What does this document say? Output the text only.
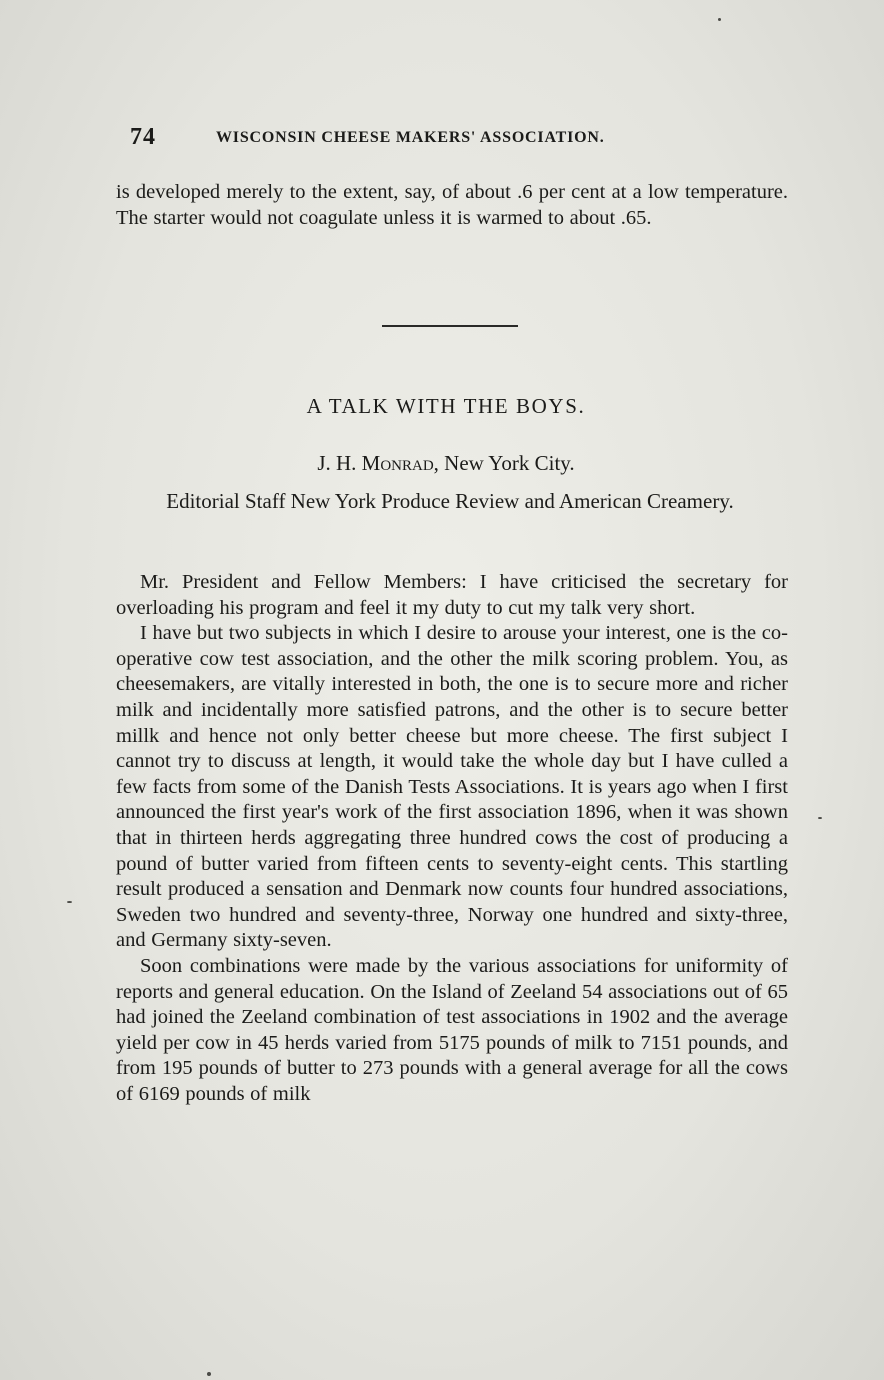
74	WISCONSIN CHEESE MAKERS' ASSOCIATION.

is developed merely to the extent, say, of about .6 per cent at a low temperature. The starter would not coagulate unless it is warmed to about .65.

A TALK WITH THE BOYS.
J. H. Monrad, New York City.
Editorial Staff New York Produce Review and American Creamery.

Mr. President and Fellow Members: I have criticised the secretary for overloading his program and feel it my duty to cut my talk very short.

I have but two subjects in which I desire to arouse your interest, one is the co-operative cow test association, and the other the milk scoring problem. You, as cheesemakers, are vitally interested in both, the one is to secure more and richer milk and incidentally more satisfied patrons, and the other is to secure better millk and hence not only better cheese but more cheese. The first subject I cannot try to discuss at length, it would take the whole day but I have culled a few facts from some of the Danish Tests Associations. It is years ago when I first announced the first year's work of the first association 1896, when it was shown that in thirteen herds aggregating three hundred cows the cost of producing a pound of butter varied from fifteen cents to seventy-eight cents. This startling result produced a sensation and Denmark now counts four hundred associations, Sweden two hundred and seventy-three, Norway one hundred and sixty-three, and Germany sixty-seven.

Soon combinations were made by the various associations for uniformity of reports and general education. On the Island of Zeeland 54 associations out of 65 had joined the Zeeland combination of test associations in 1902 and the average yield per cow in 45 herds varied from 5175 pounds of milk to 7151 pounds, and from 195 pounds of butter to 273 pounds with a general average for all the cows of 6169 pounds of milk
